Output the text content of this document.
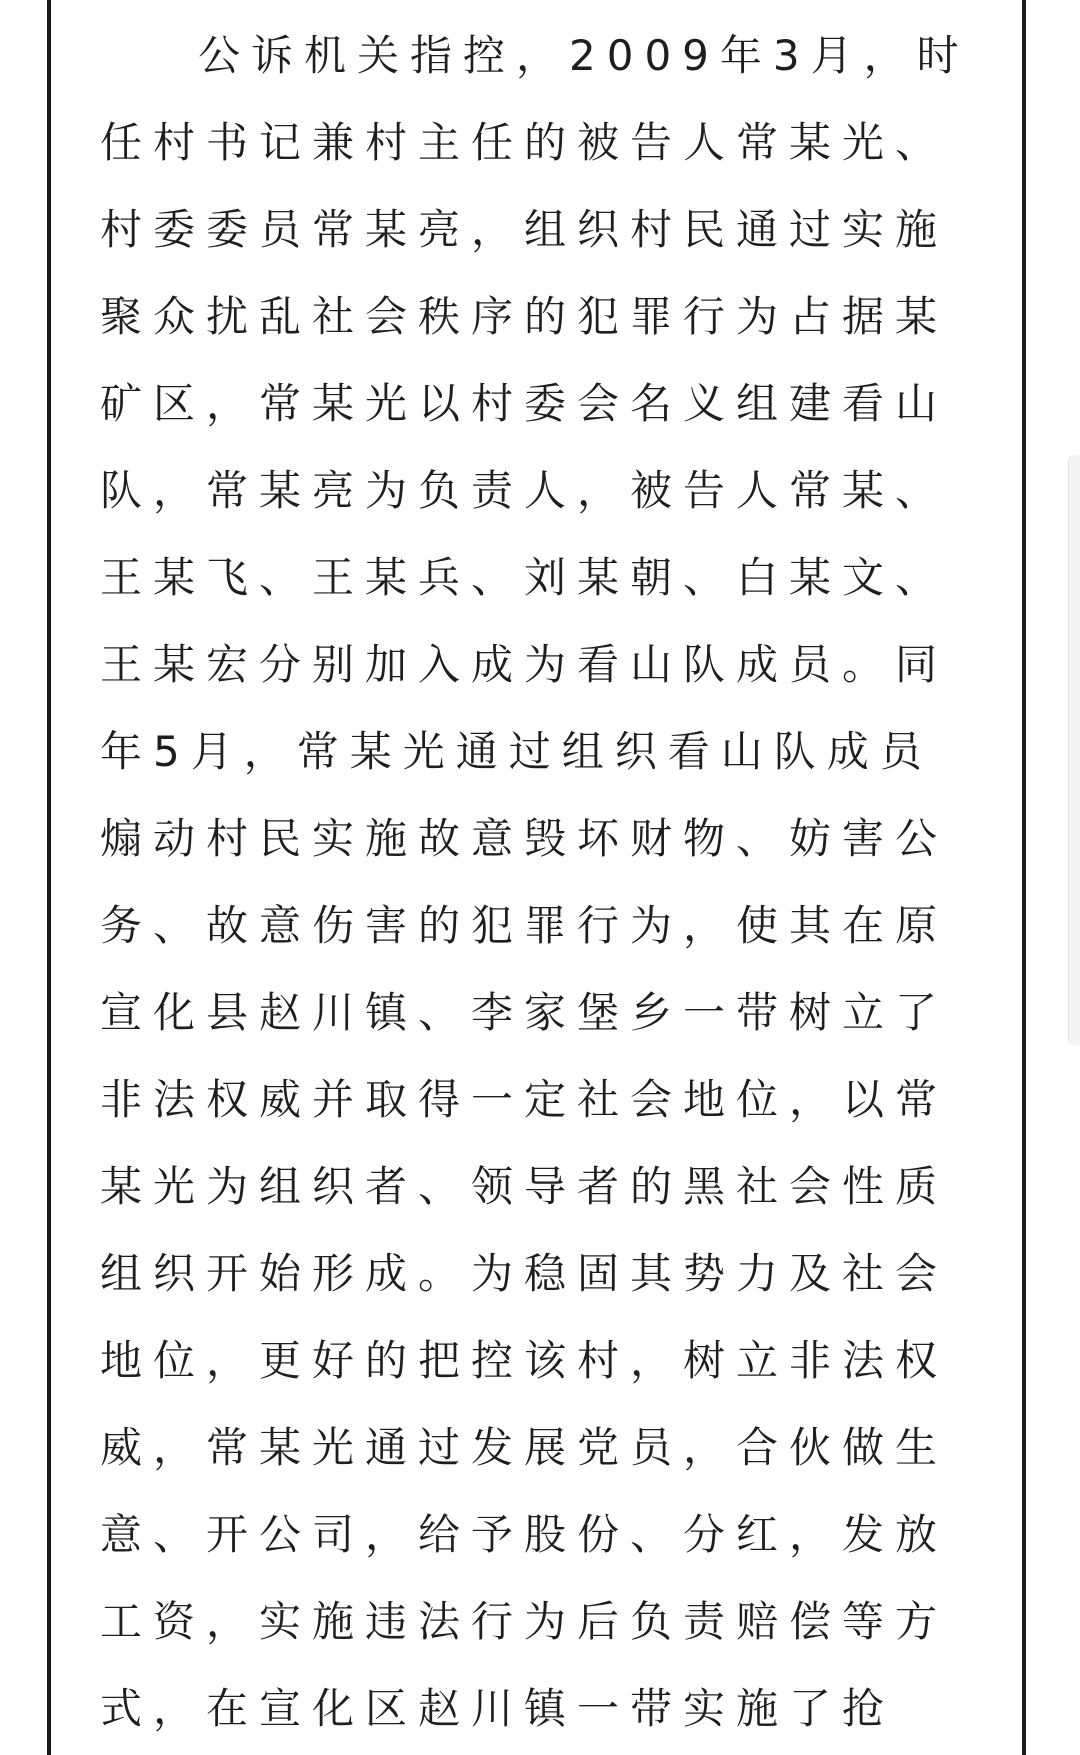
公诉机关指控，2009年3月，时任村书记兼村主任的被告人常某光、村委委员常某亮，组织村民通过实施聚众扰乱社会秩序的犯罪行为占据某矿区，常某光以村委会名义组建看山队，常某亮为负责人，被告人常某、王某飞、王某兵、刘某朝、白某文、王某宏分别加入成为看山队成员。同年5月，常某光通过组织看山队成员煽动村民实施故意毁坏财物、妨害公务、故意伤害的犯罪行为，使其在原宣化县赵川镇、李家堡乡一带树立了非法权威并取得一定社会地位，以常某光为组织者、领导者的黑社会性质组织开始形成。为稳固其势力及社会地位，更好的把控该村，树立非法权威，常某光通过发展党员，合伙做生意、开公司，给予股份、分红，发放工资，实施违法行为后负责赔偿等方式，在宣化区赵川镇一带实施了抢
